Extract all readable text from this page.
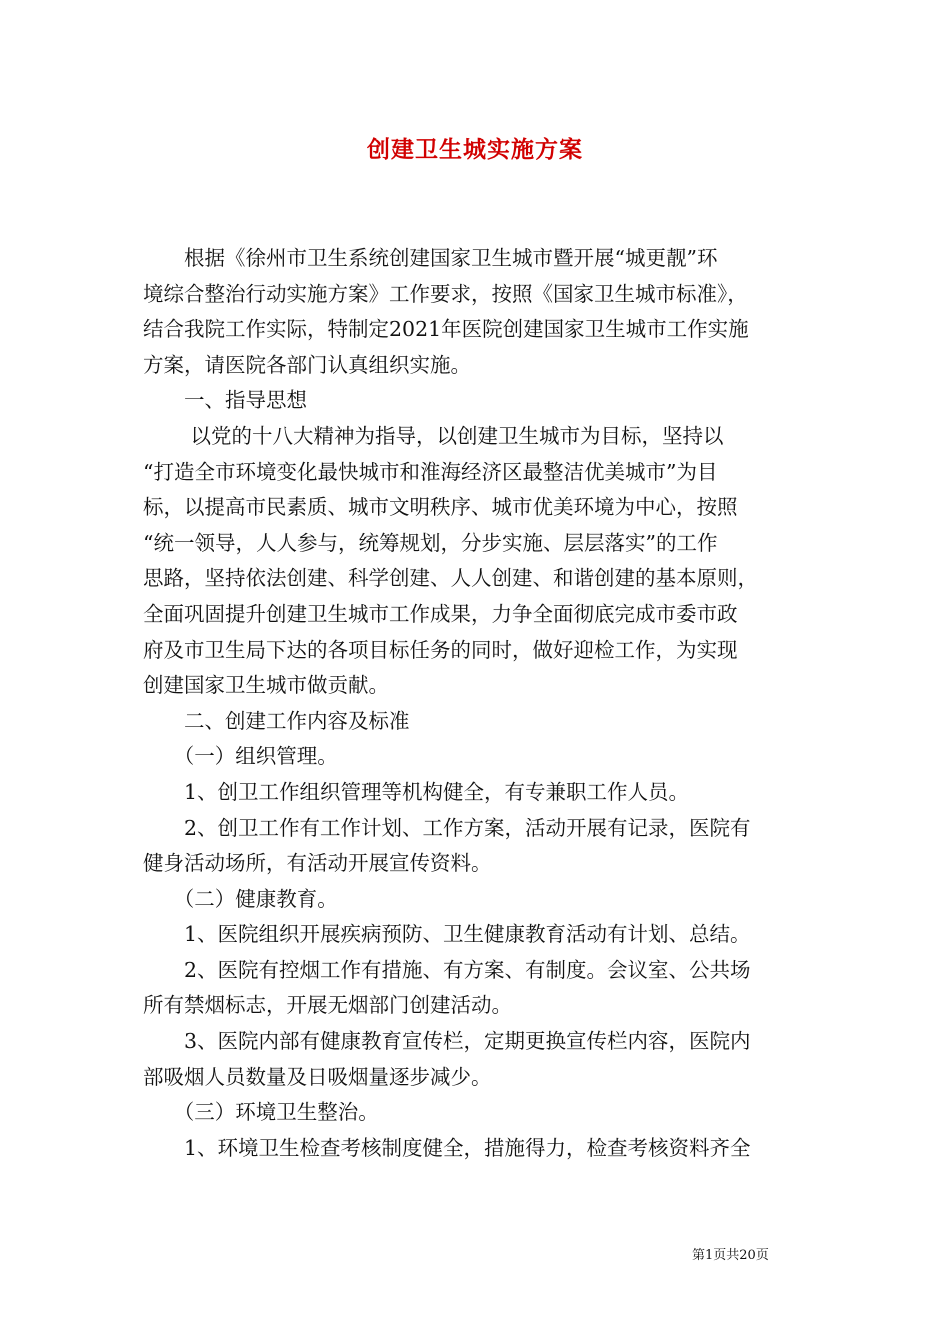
创建卫生城实施方案
　　根据《徐州市卫生系统创建国家卫生城市暨开展“城更靓”环
境综合整治行动实施方案》工作要求，按照《国家卫生城市标准》，
结合我院工作实际，特制定2021年医院创建国家卫生城市工作实施
方案，请医院各部门认真组织实施。
　　一、指导思想
　　 以党的十八大精神为指导，以创建卫生城市为目标，坚持以
“打造全市环境变化最快城市和淮海经济区最整洁优美城市”为目
标，以提高市民素质、城市文明秩序、城市优美环境为中心，按照
“统一领导，人人参与，统筹规划，分步实施、层层落实”的工作
思路，坚持依法创建、科学创建、人人创建、和谐创建的基本原则，
全面巩固提升创建卫生城市工作成果，力争全面彻底完成市委市政
府及市卫生局下达的各项目标任务的同时，做好迎检工作，为实现
创建国家卫生城市做贡献。
　　二、创建工作内容及标准
　　（一）组织管理。
　　1、创卫工作组织管理等机构健全，有专兼职工作人员。
　　2、创卫工作有工作计划、工作方案，活动开展有记录，医院有
健身活动场所，有活动开展宣传资料。
　　（二）健康教育。
　　1、医院组织开展疾病预防、卫生健康教育活动有计划、总结。
　　2、医院有控烟工作有措施、有方案、有制度。会议室、公共场
所有禁烟标志，开展无烟部门创建活动。
　　3、医院内部有健康教育宣传栏，定期更换宣传栏内容，医院内
部吸烟人员数量及日吸烟量逐步减少。
　　（三）环境卫生整治。
　　1、环境卫生检查考核制度健全，措施得力，检查考核资料齐全
第1页共20页
